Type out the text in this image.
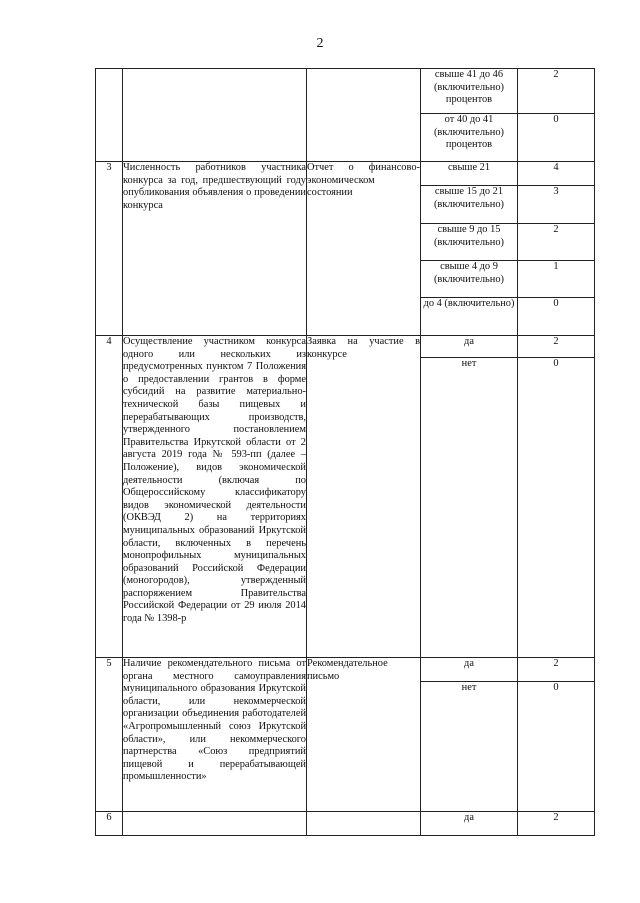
2
			свыше 41 до 46 (включительно) процентов	2
			от 40 до 41 (включительно) процентов	0
3	Численность работников участника конкурса за год, предшествующий году опубликования объявления о проведении конкурса	Отчет о финансово-экономическом состоянии	свыше 21	4
			свыше 15 до 21 (включительно)	3
			свыше 9 до 15 (включительно)	2
			свыше 4 до 9 (включительно)	1
			до 4 (включительно)	0
4	Осуществление участником конкурса одного или нескольких из предусмотренных пунктом 7 Положения о предоставлении грантов в форме субсидий на развитие материально-технической базы пищевых и перерабатывающих производств, утвержденного постановлением Правительства Иркутской области от 2 августа 2019 года № 593-пп (далее – Положение), видов экономической деятельности (включая по Общероссийскому классификатору видов экономической деятельности (ОКВЭД 2) на территориях муниципальных образований Иркутской области, включенных в перечень монопрофильных муниципальных образований Российской Федерации (моногородов), утвержденный распоряжением Правительства Российской Федерации от 29 июля 2014 года № 1398-р	Заявка на участие в конкурсе	да	2
			нет	0
5	Наличие рекомендательного письма от органа местного самоуправления муниципального образования Иркутской области, или некоммерческой организации объединения работодателей «Агропромышленный союз Иркутской области», или некоммерческого партнерства «Союз предприятий пищевой и перерабатывающей промышленности»	Рекомендательное письмо	да	2
			нет	0
6			да	2
